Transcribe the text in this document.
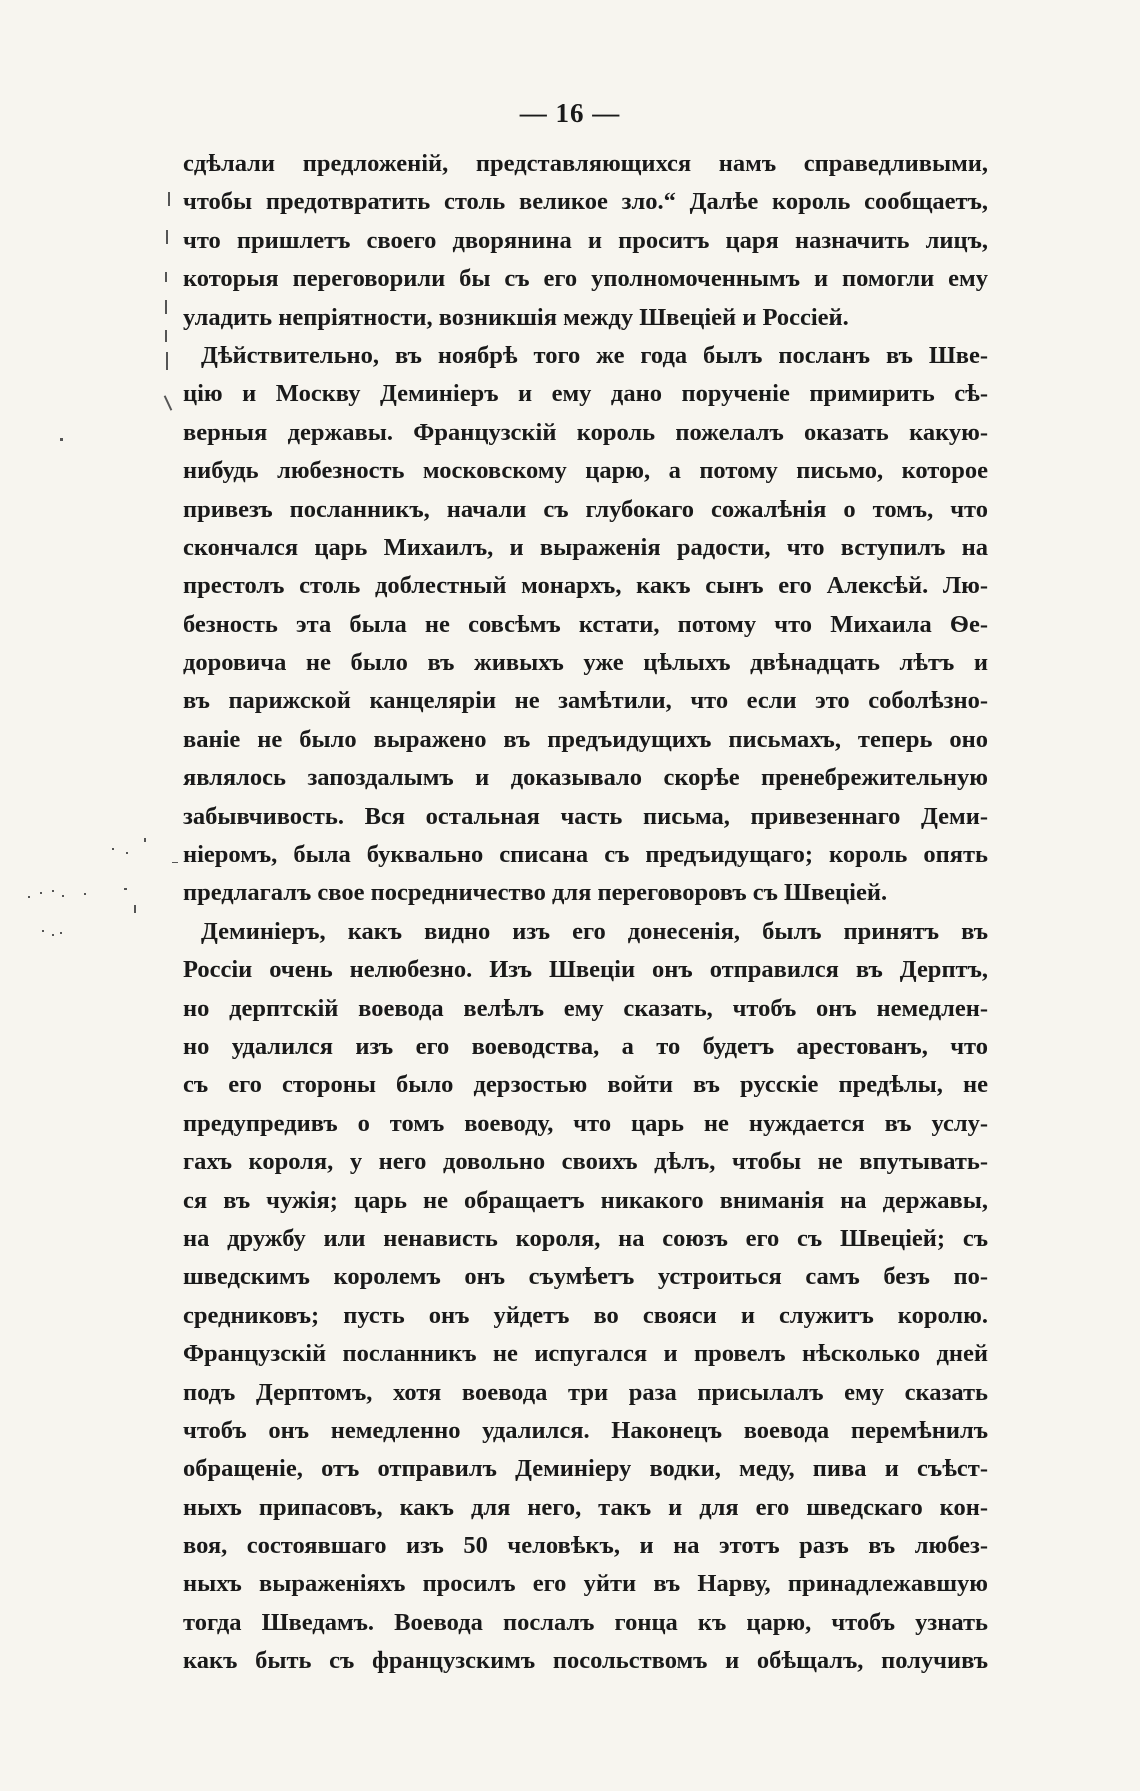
— 16 —
сдѣлали предложеній, представляющихся намъ справедливыми,
чтобы предотвратить столь великое зло.“ Далѣе король сообщаетъ,
что пришлетъ своего дворянина и проситъ царя назначить лицъ,
которыя переговорили бы съ его уполномоченнымъ и помогли ему
уладить непріятности, возникшія между Швеціей и Россіей.
Дѣйствительно, въ ноябрѣ того же года былъ посланъ въ Шве-
цію и Москву Деминіеръ и ему дано порученіе примирить сѣ-
верныя державы. Французскій король пожелалъ оказать какую-
нибудь любезность московскому царю, а потому письмо, которое
привезъ посланникъ, начали съ глубокаго сожалѣнія о томъ, что
скончался царь Михаилъ, и выраженія радости, что вступилъ на
престолъ столь доблестный монархъ, какъ сынъ его Алексѣй. Лю-
безность эта была не совсѣмъ кстати, потому что Михаила Ѳе-
доровича не было въ живыхъ уже цѣлыхъ двѣнадцать лѣтъ и
въ парижской канцеляріи не замѣтили, что если это соболѣзно-
ваніе не было выражено въ предъидущихъ письмахъ, теперь оно
являлось запоздалымъ и доказывало скорѣе пренебрежительную
забывчивость. Вся остальная часть письма, привезеннаго Деми-
ніеромъ, была буквально списана съ предъидущаго; король опять
предлагалъ свое посредничество для переговоровъ съ Швеціей.
Деминіеръ, какъ видно изъ его донесенія, былъ принятъ въ
Россіи очень нелюбезно. Изъ Швеціи онъ отправился въ Дерптъ,
но дерптскій воевода велѣлъ ему сказать, чтобъ онъ немедлен-
но удалился изъ его воеводства, а то будетъ арестованъ, что
съ его стороны было дерзостью войти въ русскіе предѣлы, не
предупредивъ о томъ воеводу, что царь не нуждается въ услу-
гахъ короля, у него довольно своихъ дѣлъ, чтобы не впутывать-
ся въ чужія; царь не обращаетъ никакого вниманія на державы,
на дружбу или ненависть короля, на союзъ его съ Швеціей; съ
шведскимъ королемъ онъ съумѣетъ устроиться самъ безъ по-
средниковъ; пусть онъ уйдетъ во свояси и служитъ королю.
Французскій посланникъ не испугался и провелъ нѣсколько дней
подъ Дерптомъ, хотя воевода три раза присылалъ ему сказать
чтобъ онъ немедленно удалился. Наконецъ воевода перемѣнилъ
обращеніе, отъ отправилъ Деминіеру водки, меду, пива и съѣст-
ныхъ припасовъ, какъ для него, такъ и для его шведскаго кон-
воя, состоявшаго изъ 50 человѣкъ, и на этотъ разъ въ любез-
ныхъ выраженіяхъ просилъ его уйти въ Нарву, принадлежавшую
тогда Шведамъ. Воевода послалъ гонца къ царю, чтобъ узнать
какъ быть съ французскимъ посольствомъ и обѣщалъ, получивъ
